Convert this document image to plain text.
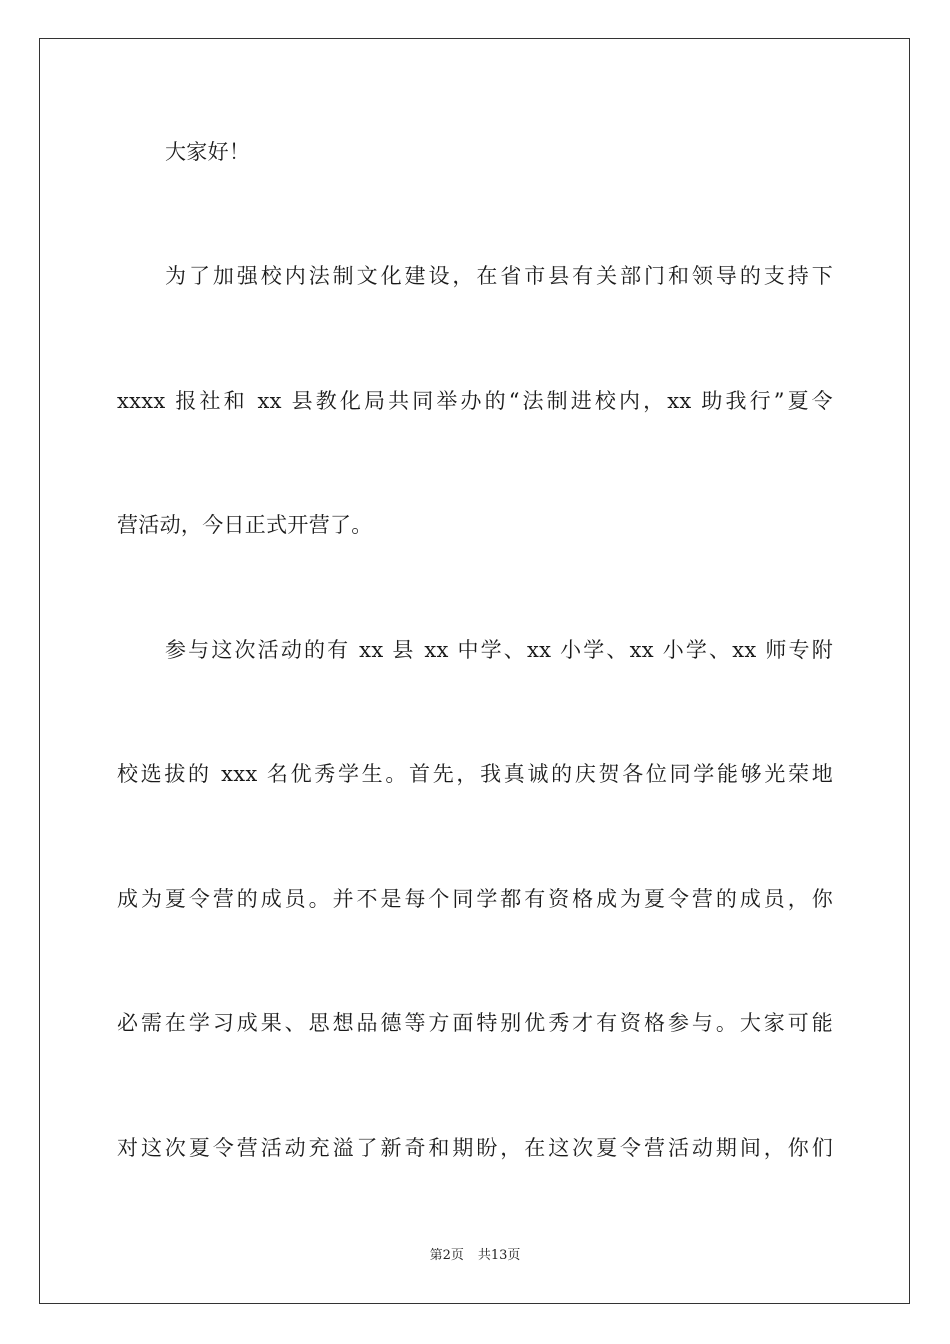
大家好！
为了加强校内法制文化建设，在省市县有关部门和领导的支持下
xxxx 报社和 xx 县教化局共同举办的“法制进校内，xx 助我行”夏令
营活动，今日正式开营了。
参与这次活动的有 xx 县 xx 中学、xx 小学、xx 小学、xx 师专附
校选拔的 xxx 名优秀学生。首先，我真诚的庆贺各位同学能够光荣地
成为夏令营的成员。并不是每个同学都有资格成为夏令营的成员，你
必需在学习成果、思想品德等方面特别优秀才有资格参与。大家可能
对这次夏令营活动充溢了新奇和期盼，在这次夏令营活动期间，你们
第2页 共13页
